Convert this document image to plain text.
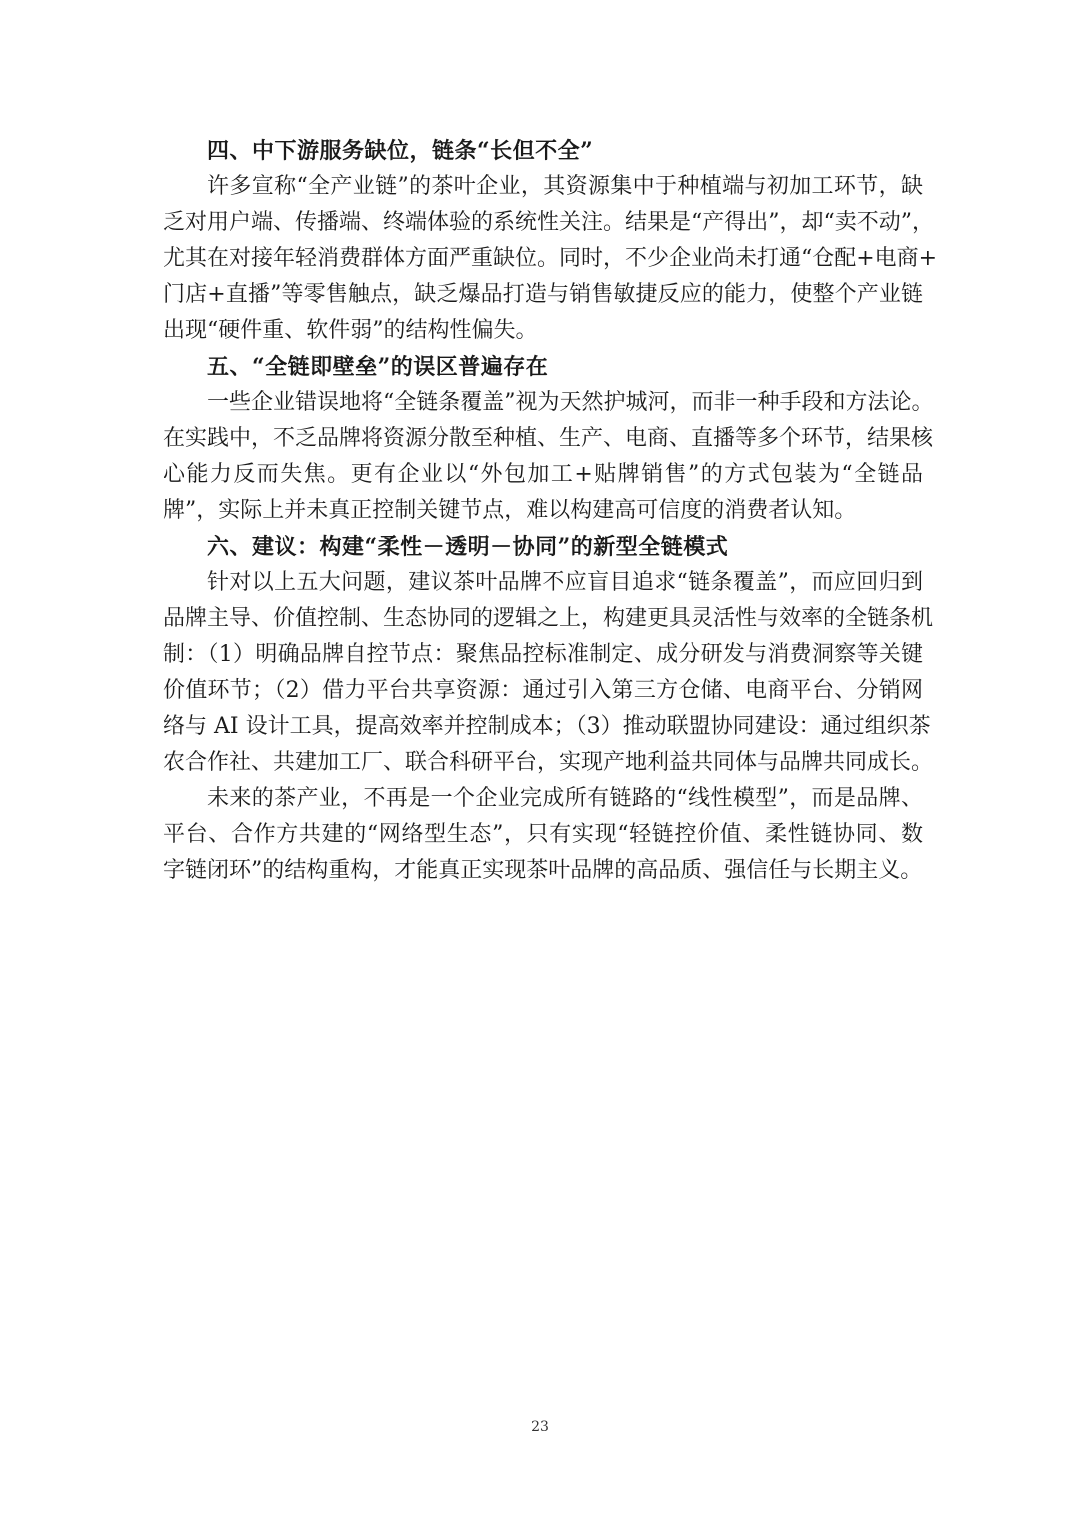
四、中下游服务缺位，链条“长但不全”

许多宣称“全产业链”的茶叶企业，其资源集中于种植端与初加工环节，缺
乏对用户端、传播端、终端体验的系统性关注。结果是“产得出”，却“卖不动”，
尤其在对接年轻消费群体方面严重缺位。同时，不少企业尚未打通“仓配+电商+
门店+直播”等零售触点，缺乏爆品打造与销售敏捷反应的能力，使整个产业链
出现“硬件重、软件弱”的结构性偏失。

五、“全链即壁垒”的误区普遍存在

一些企业错误地将“全链条覆盖”视为天然护城河，而非一种手段和方法论。
在实践中，不乏品牌将资源分散至种植、生产、电商、直播等多个环节，结果核
心能力反而失焦。更有企业以“外包加工+贴牌销售”的方式包装为“全链品
牌”，实际上并未真正控制关键节点，难以构建高可信度的消费者认知。

六、建议：构建“柔性－透明－协同”的新型全链模式

针对以上五大问题，建议茶叶品牌不应盲目追求“链条覆盖”，而应回归到
品牌主导、价值控制、生态协同的逻辑之上，构建更具灵活性与效率的全链条机
制：（1）明确品牌自控节点：聚焦品控标准制定、成分研发与消费洞察等关键
价值环节；（2）借力平台共享资源：通过引入第三方仓储、电商平台、分销网
络与 AI 设计工具，提高效率并控制成本；（3）推动联盟协同建设：通过组织茶
农合作社、共建加工厂、联合科研平台，实现产地利益共同体与品牌共同成长。

未来的茶产业，不再是一个企业完成所有链路的“线性模型”，而是品牌、
平台、合作方共建的“网络型生态”，只有实现“轻链控价值、柔性链协同、数
字链闭环”的结构重构，才能真正实现茶叶品牌的高品质、强信任与长期主义。

23
